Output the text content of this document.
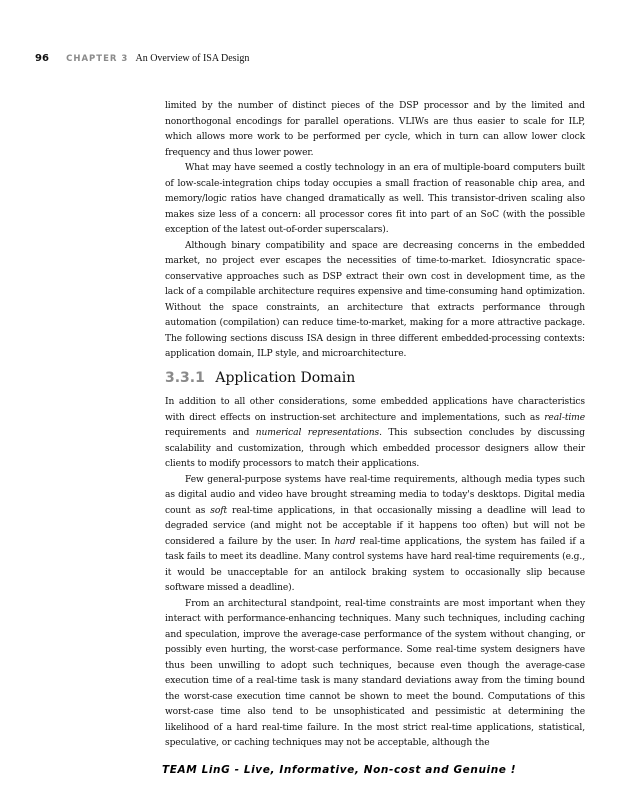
96 CHAPTER 3 An Overview of ISA Design

limited by the number of distinct pieces of the DSP processor and by the limited and nonorthogonal encodings for parallel operations. VLIWs are thus easier to scale for ILP, which allows more work to be performed per cycle, which in turn can allow lower clock frequency and thus lower power.

What may have seemed a costly technology in an era of multiple-board computers built of low-scale-integration chips today occupies a small fraction of reasonable chip area, and memory/logic ratios have changed dramatically as well. This transistor-driven scaling also makes size less of a concern: all processor cores fit into part of an SoC (with the possible exception of the latest out-of-order superscalars).

Although binary compatibility and space are decreasing concerns in the embedded market, no project ever escapes the necessities of time-to-market. Idiosyncratic space-conservative approaches such as DSP extract their own cost in development time, as the lack of a compilable architecture requires expensive and time-consuming hand optimization. Without the space constraints, an architecture that extracts performance through automation (compilation) can reduce time-to-market, making for a more attractive package. The following sections discuss ISA design in three different embedded-processing contexts: application domain, ILP style, and microarchitecture.

3.3.1 Application Domain

In addition to all other considerations, some embedded applications have characteristics with direct effects on instruction-set architecture and implementations, such as real-time requirements and numerical representations. This subsection concludes by discussing scalability and customization, through which embedded processor designers allow their clients to modify processors to match their applications.

Few general-purpose systems have real-time requirements, although media types such as digital audio and video have brought streaming media to today's desktops. Digital media count as soft real-time applications, in that occasionally missing a deadline will lead to degraded service (and might not be acceptable if it happens too often) but will not be considered a failure by the user. In hard real-time applications, the system has failed if a task fails to meet its deadline. Many control systems have hard real-time requirements (e.g., it would be unacceptable for an antilock braking system to occasionally slip because software missed a deadline).

From an architectural standpoint, real-time constraints are most important when they interact with performance-enhancing techniques. Many such techniques, including caching and speculation, improve the average-case performance of the system without changing, or possibly even hurting, the worst-case performance. Some real-time system designers have thus been unwilling to adopt such techniques, because even though the average-case execution time of a real-time task is many standard deviations away from the timing bound the worst-case execution time cannot be shown to meet the bound. Computations of this worst-case time also tend to be unsophisticated and pessimistic at determining the likelihood of a hard real-time failure. In the most strict real-time applications, statistical, speculative, or caching techniques may not be acceptable, although the

TEAM LinG - Live, Informative, Non-cost and Genuine !
